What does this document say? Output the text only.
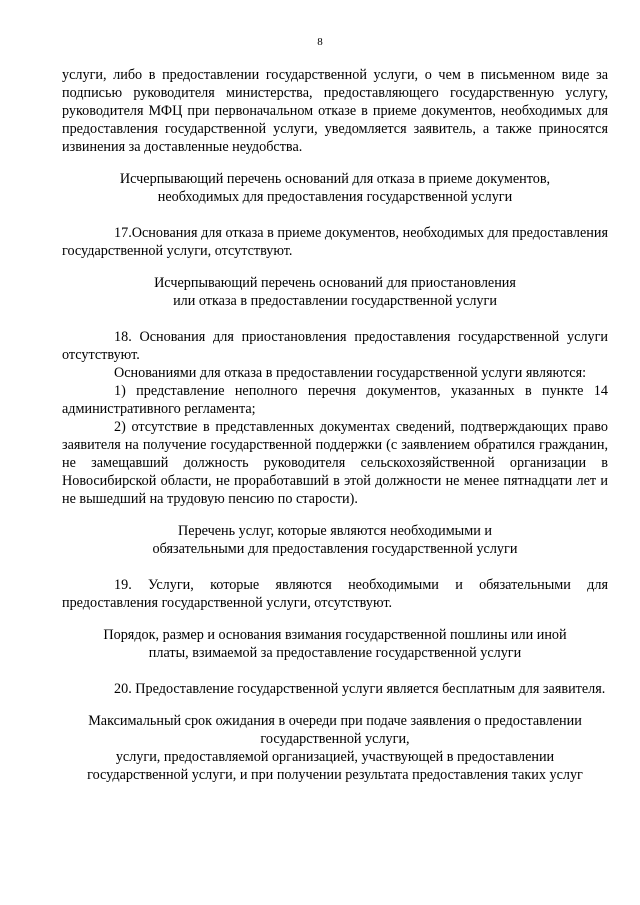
8

услуги, либо в предоставлении государственной услуги, о чем в письменном виде за подписью руководителя министерства, предоставляющего государственную услугу, руководителя МФЦ при первоначальном отказе в приеме документов, необходимых для предоставления государственной услуги, уведомляется заявитель, а также приносятся извинения за доставленные неудобства.

Исчерпывающий перечень оснований для отказа в приеме документов,

необходимых для предоставления государственной услуги

17.Основания для отказа в приеме документов, необходимых для предоставления государственной услуги, отсутствуют.

Исчерпывающий перечень оснований для приостановления

или отказа в предоставлении государственной услуги

18. Основания для приостановления предоставления государственной услуги отсутствуют.

Основаниями для отказа в предоставлении государственной услуги являются:

1) представление неполного перечня документов, указанных в пункте 14 административного регламента;

2) отсутствие в представленных документах сведений, подтверждающих право заявителя на получение государственной поддержки (с заявлением обратился гражданин, не замещавший должность руководителя сельскохозяйственной организации в Новосибирской области, не проработавший в этой должности не менее пятнадцати лет и не вышедший на трудовую пенсию по старости).

Перечень услуг, которые являются необходимыми и

обязательными для предоставления государственной услуги

19. Услуги, которые являются необходимыми и обязательными для предоставления государственной услуги, отсутствуют.

Порядок, размер и основания взимания государственной пошлины или иной

платы, взимаемой за предоставление государственной услуги

20. Предоставление государственной услуги является бесплатным для заявителя.

Максимальный срок ожидания в очереди при подаче заявления о предоставлении

государственной услуги,

услуги, предоставляемой организацией, участвующей в предоставлении

государственной услуги, и при получении результата предоставления таких услуг
